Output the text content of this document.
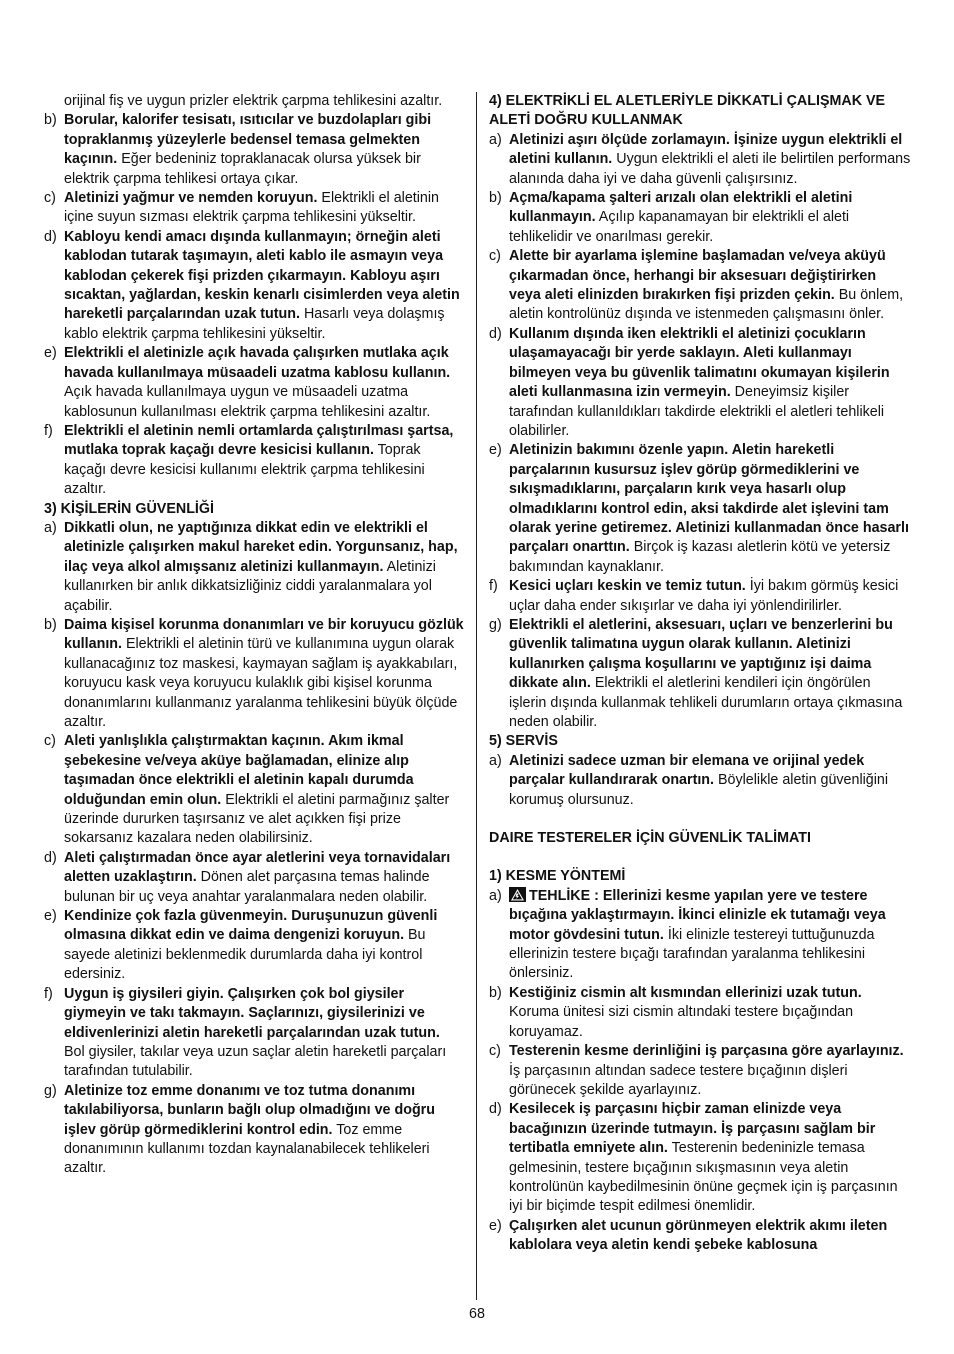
orijinal fiş ve uygun prizler elektrik çarpma tehlikesini azaltır.
b) Borular, kalorifer tesisatı, ısıtıcılar ve buzdolapları gibi topraklanmış yüzeylerle bedensel temasa gelmekten kaçının. Eğer bedeniniz topraklanacak olursa yüksek bir elektrik çarpma tehlikesi ortaya çıkar.
c) Aletinizi yağmur ve nemden koruyun. Elektrikli el aletinin içine suyun sızması elektrik çarpma tehlikesini yükseltir.
d) Kabloyu kendi amacı dışında kullanmayın; örneğin aleti kablodan tutarak taşımayın, aleti kablo ile asmayın veya kablodan çekerek fişi prizden çıkarmayın. Kabloyu aşırı sıcaktan, yağlardan, keskin kenarlı cisimlerden veya aletin hareketli parçalarından uzak tutun. Hasarlı veya dolaşmış kablo elektrik çarpma tehlikesini yükseltir.
e) Elektrikli el aletinizle açık havada çalışırken mutlaka açık havada kullanılmaya müsaadeli uzatma kablosu kullanın. Açık havada kullanılmaya uygun ve müsaadeli uzatma kablosunun kullanılması elektrik çarpma tehlikesini azaltır.
f) Elektrikli el aletinin nemli ortamlarda çalıştırılması şartsa, mutlaka toprak kaçağı devre kesicisi kullanın. Toprak kaçağı devre kesicisi kullanımı elektrik çarpma tehlikesini azaltır.
3) KİŞİLERİN GÜVENLİĞİ
a) Dikkatli olun, ne yaptığınıza dikkat edin ve elektrikli el aletinizle çalışırken makul hareket edin. Yorgunsanız, hap, ilaç veya alkol almışsanız aletinizi kullanmayın. Aletinizi kullanırken bir anlık dikkatsizliğiniz ciddi yaralanmalara yol açabilir.
b) Daima kişisel korunma donanımları ve bir koruyucu gözlük kullanın. Elektrikli el aletinin türü ve kullanımına uygun olarak kullanacağınız toz maskesi, kaymayan sağlam iş ayakkabıları, koruyucu kask veya koruyucu kulaklık gibi kişisel korunma donanımlarını kullanmanız yaralanma tehlikesini büyük ölçüde azaltır.
c) Aleti yanlışlıkla çalıştırmaktan kaçının. Akım ikmal şebekesine ve/veya aküye bağlamadan, elinize alıp taşımadan önce elektrikli el aletinin kapalı durumda olduğundan emin olun. Elektrikli el aletini parmağınız şalter üzerinde dururken taşırsanız ve alet açıkken fişi prize sokarsanız kazalara neden olabilirsiniz.
d) Aleti çalıştırmadan önce ayar aletlerini veya tornavidaları aletten uzaklaştırın. Dönen alet parçasına temas halinde bulunan bir uç veya anahtar yaralanmalara neden olabilir.
e) Kendinize çok fazla güvenmeyin. Duruşunuzun güvenli olmasına dikkat edin ve daima dengenizi koruyun. Bu sayede aletinizi beklenmedik durumlarda daha iyi kontrol edersiniz.
f) Uygun iş giysileri giyin. Çalışırken çok bol giysiler giymeyin ve takı takmayın. Saçlarınızı, giysilerinizi ve eldivenlerinizi aletin hareketli parçalarından uzak tutun. Bol giysiler, takılar veya uzun saçlar aletin hareketli parçaları tarafından tutulabilir.
g) Aletinize toz emme donanımı ve toz tutma donanımı takılabiliyorsa, bunların bağlı olup olmadığını ve doğru işlev görüp görmediklerini kontrol edin. Toz emme donanımının kullanımı tozdan kaynalanabilecek tehlikeleri azaltır.
4) ELEKTRİKLİ EL ALETLERİYLE DİKKATLİ ÇALIŞMAK VE ALETİ DOĞRU KULLANMAK
a) Aletinizi aşırı ölçüde zorlamayın. İşinize uygun elektrikli el aletini kullanın. Uygun elektrikli el aleti ile belirtilen performans alanında daha iyi ve daha güvenli çalışırsınız.
b) Açma/kapama şalteri arızalı olan elektrikli el aletini kullanmayın. Açılıp kapanamayan bir elektrikli el aleti tehlikelidir ve onarılması gerekir.
c) Alette bir ayarlama işlemine başlamadan ve/veya aküyü çıkarmadan önce, herhangi bir aksesuarı değiştirirken veya aleti elinizden bırakırken fişi prizden çekin. Bu önlem, aletin kontrolünüz dışında ve istenmeden çalışmasını önler.
d) Kullanım dışında iken elektrikli el aletinizi çocukların ulaşamayacağı bir yerde saklayın. Aleti kullanmayı bilmeyen veya bu güvenlik talimatını okumayan kişilerin aleti kullanmasına izin vermeyin. Deneyimsiz kişiler tarafından kullanıldıkları takdirde elektrikli el aletleri tehlikeli olabilirler.
e) Aletinizin bakımını özenle yapın. Aletin hareketli parçalarının kusursuz işlev görüp görmediklerini ve sıkışmadıklarını, parçaların kırık veya hasarlı olup olmadıklarını kontrol edin, aksi takdirde alet işlevini tam olarak yerine getiremez. Aletinizi kullanmadan önce hasarlı parçaları onarttın. Birçok iş kazası aletlerin kötü ve yetersiz bakımından kaynaklanır.
f) Kesici uçları keskin ve temiz tutun. İyi bakım görmüş kesici uçlar daha ender sıkışırlar ve daha iyi yönlendirilirler.
g) Elektrikli el aletlerini, aksesuarı, uçları ve benzerlerini bu güvenlik talimatına uygun olarak kullanın. Aletinizi kullanırken çalışma koşullarını ve yaptığınız işi daima dikkate alın. Elektrikli el aletlerini kendileri için öngörülen işlerin dışında kullanmak tehlikeli durumların ortaya çıkmasına neden olabilir.
5) SERVİS
a) Aletinizi sadece uzman bir elemana ve orijinal yedek parçalar kullandırarak onartın. Böylelikle aletin güvenliğini korumuş olursunuz.
DAIRE TESTERELER İÇİN GÜVENLİK TALİMATI
1) KESME YÖNTEMİ
a)	TEHLİKE : Ellerinizi kesme yapılan yere ve testere bıçağına yaklaştırmayın. İkinci elinizle ek tutamağı veya motor gövdesini tutun. İki elinizle testereyi tuttuğunuzda ellerinizin testere bıçağı tarafından yaralanma tehlikesini önlersiniz.
b) Kestiğiniz cismin alt kısmından ellerinizi uzak tutun. Koruma ünitesi sizi cismin altındaki testere bıçağından koruyamaz.
c) Testerenin kesme derinliğini iş parçasına göre ayarlayınız. İş parçasının altından sadece testere bıçağının dişleri görünecek şekilde ayarlayınız.
d) Kesilecek iş parçasını hiçbir zaman elinizde veya bacağınızın üzerinde tutmayın. İş parçasını sağlam bir tertibatla emniyete alın. Testerenin bedeninizle temasa gelmesinin, testere bıçağının sıkışmasının veya aletin kontrolünün kaybedilmesinin önüne geçmek için iş parçasının iyi bir biçimde tespit edilmesi önemlidir.
e) Çalışırken alet ucunun görünmeyen elektrik akımı ileten kablolara veya aletin kendi şebeke kablosuna
68
